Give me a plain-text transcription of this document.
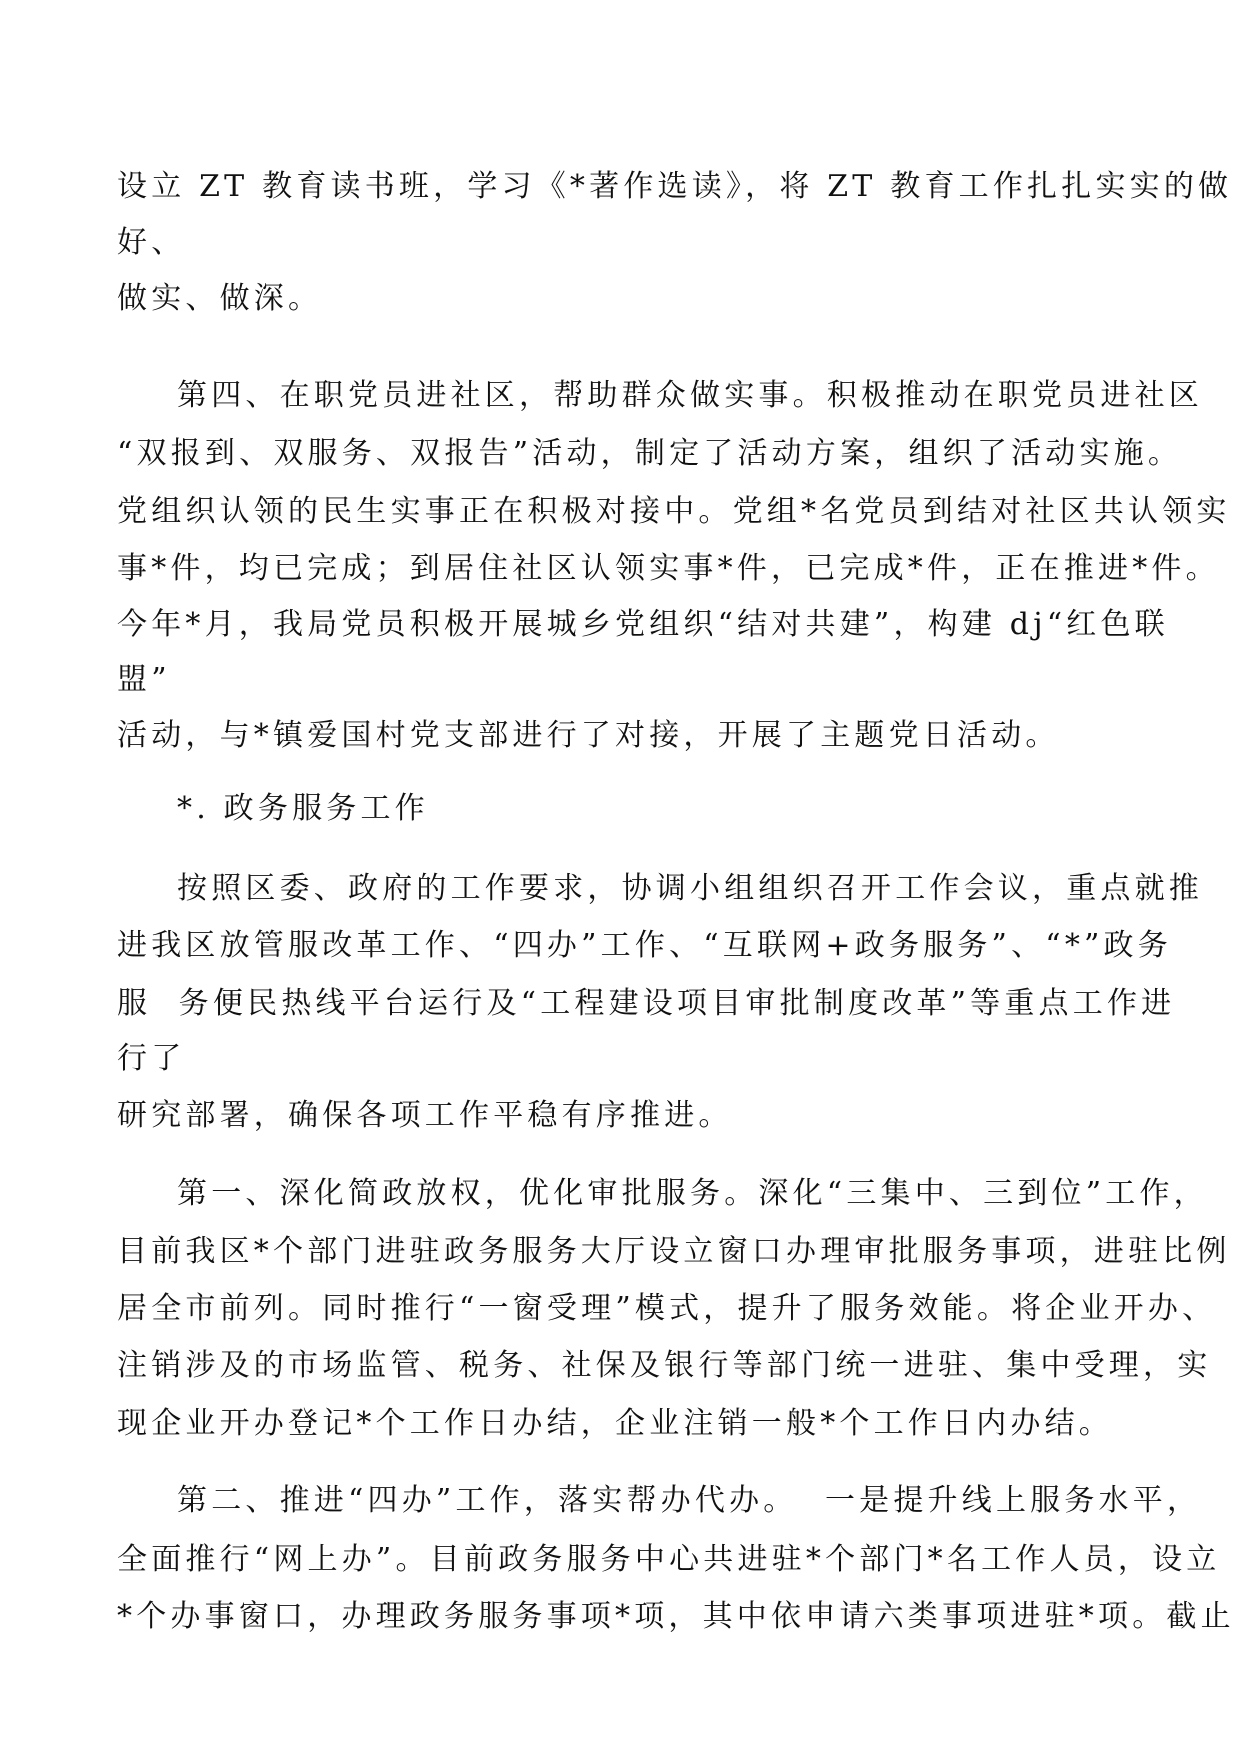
设立 ZT 教育读书班，学习《*著作选读》，将 ZT 教育工作扎扎实实的做
好、
做实、做深。
第四、在职党员进社区，帮助群众做实事。积极推动在职党员进社区
“双报到、双服务、双报告”活动，制定了活动方案，组织了活动实施。
党组织认领的民生实事正在积极对接中。党组*名党员到结对社区共认领实
事*件，均已完成；到居住社区认领实事*件，已完成*件，正在推进*件。
今年*月，我局党员积极开展城乡党组织“结对共建”，构建 dj“红色联
盟”
活动，与*镇爱国村党支部进行了对接，开展了主题党日活动。
*. 政务服务工作
按照区委、政府的工作要求，协调小组组织召开工作会议，重点就推
进我区放管服改革工作、“四办”工作、“互联网+政务服务”、“*”政务
服  务便民热线平台运行及“工程建设项目审批制度改革”等重点工作进
行了
研究部署，确保各项工作平稳有序推进。
第一、深化简政放权，优化审批服务。深化“三集中、三到位”工作，
目前我区*个部门进驻政务服务大厅设立窗口办理审批服务事项，进驻比例
居全市前列。同时推行“一窗受理”模式，提升了服务效能。将企业开办、
注销涉及的市场监管、税务、社保及银行等部门统一进驻、集中受理，实
现企业开办登记*个工作日办结，企业注销一般*个工作日内办结。
第二、推进“四办”工作，落实帮办代办。  一是提升线上服务水平，
全面推行“网上办”。目前政务服务中心共进驻*个部门*名工作人员，设立
*个办事窗口，办理政务服务事项*项，其中依申请六类事项进驻*项。截止
